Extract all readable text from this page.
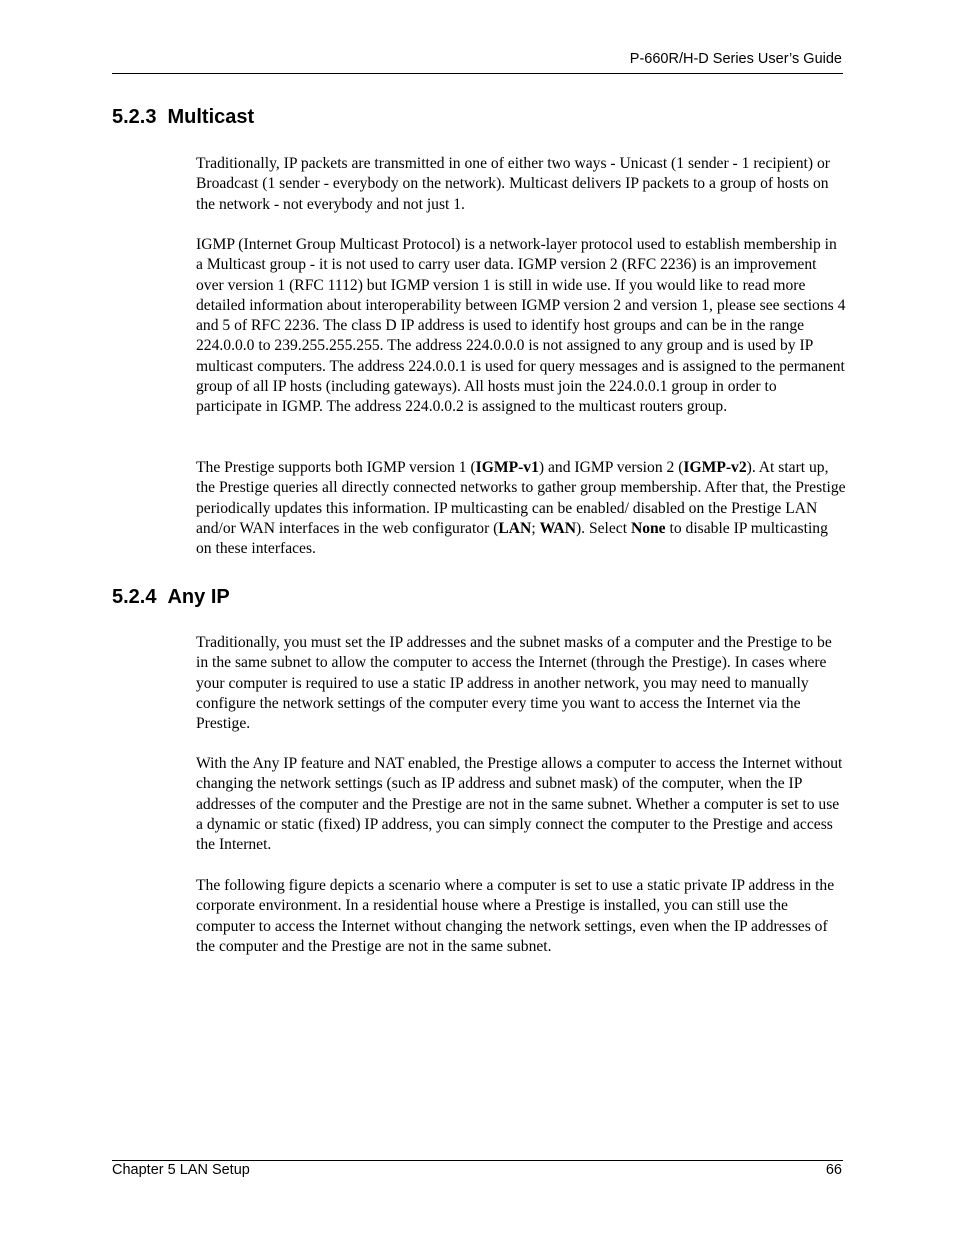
P-660R/H-D Series User’s Guide
5.2.3 Multicast

Traditionally, IP packets are transmitted in one of either two ways - Unicast (1 sender - 1 recipient) or Broadcast (1 sender - everybody on the network). Multicast delivers IP packets to a group of hosts on the network - not everybody and not just 1.

IGMP (Internet Group Multicast Protocol) is a network-layer protocol used to establish membership in a Multicast group - it is not used to carry user data. IGMP version 2 (RFC 2236) is an improvement over version 1 (RFC 1112) but IGMP version 1 is still in wide use. If you would like to read more detailed information about interoperability between IGMP version 2 and version 1, please see sections 4 and 5 of RFC 2236. The class D IP address is used to identify host groups and can be in the range 224.0.0.0 to 239.255.255.255. The address 224.0.0.0 is not assigned to any group and is used by IP multicast computers. The address 224.0.0.1 is used for query messages and is assigned to the permanent group of all IP hosts (including gateways). All hosts must join the 224.0.0.1 group in order to participate in IGMP. The address 224.0.0.2 is assigned to the multicast routers group.

The Prestige supports both IGMP version 1 (IGMP-v1) and IGMP version 2 (IGMP-v2). At start up, the Prestige queries all directly connected networks to gather group membership. After that, the Prestige periodically updates this information. IP multicasting can be enabled/ disabled on the Prestige LAN and/or WAN interfaces in the web configurator (LAN; WAN). Select None to disable IP multicasting on these interfaces.

5.2.4 Any IP

Traditionally, you must set the IP addresses and the subnet masks of a computer and the Prestige to be in the same subnet to allow the computer to access the Internet (through the Prestige). In cases where your computer is required to use a static IP address in another network, you may need to manually configure the network settings of the computer every time you want to access the Internet via the Prestige.

With the Any IP feature and NAT enabled, the Prestige allows a computer to access the Internet without changing the network settings (such as IP address and subnet mask) of the computer, when the IP addresses of the computer and the Prestige are not in the same subnet. Whether a computer is set to use a dynamic or static (fixed) IP address, you can simply connect the computer to the Prestige and access the Internet.

The following figure depicts a scenario where a computer is set to use a static private IP address in the corporate environment. In a residential house where a Prestige is installed, you can still use the computer to access the Internet without changing the network settings, even when the IP addresses of the computer and the Prestige are not in the same subnet.

Chapter 5 LAN Setup	66
